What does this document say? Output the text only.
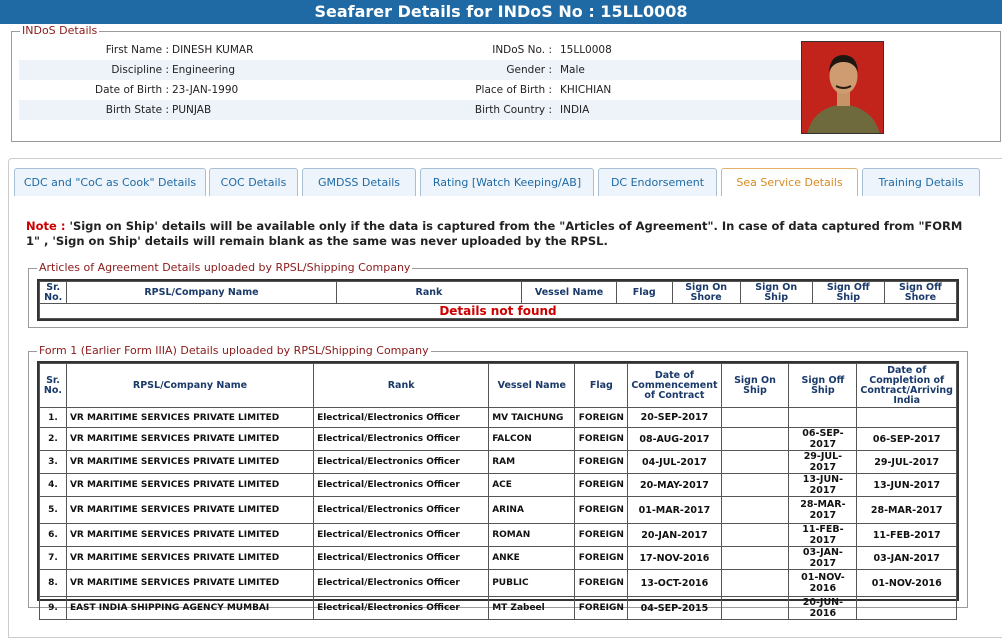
Seafarer Details for INDoS No : 15LL0008
INDoS Details
First Name : DINESH KUMAR	INDoS No. : 15LL0008
Discipline : Engineering	Gender : Male
Date of Birth : 23-JAN-1990	Place of Birth : KHICHIAN
Birth State : PUNJAB	Birth Country : INDIA
CDC and "CoC as Cook" Details	COC Details	GMDSS Details	Rating [Watch Keeping/AB]	DC Endorsement	Sea Service Details	Training Details
Note : 'Sign on Ship' details will be available only if the data is captured from the "Articles of Agreement". In case of data captured from "FORM 1" , 'Sign on Ship' details will remain blank as the same was never uploaded by the RPSL.
Articles of Agreement Details uploaded by RPSL/Shipping Company
Sr. No.	RPSL/Company Name	Rank	Vessel Name	Flag	Sign On Shore	Sign On Ship	Sign Off Ship	Sign Off Shore
Details not found
Form 1 (Earlier Form IIIA) Details uploaded by RPSL/Shipping Company
Sr. No.	RPSL/Company Name	Rank	Vessel Name	Flag	Date of Commencement of Contract	Sign On Ship	Sign Off Ship	Date of Completion of Contract/Arriving India
1.	VR MARITIME SERVICES PRIVATE LIMITED	Electrical/Electronics Officer	MV TAICHUNG	FOREIGN	20-SEP-2017			
2.	VR MARITIME SERVICES PRIVATE LIMITED	Electrical/Electronics Officer	FALCON	FOREIGN	08-AUG-2017		06-SEP-2017	06-SEP-2017
3.	VR MARITIME SERVICES PRIVATE LIMITED	Electrical/Electronics Officer	RAM	FOREIGN	04-JUL-2017		29-JUL-2017	29-JUL-2017
4.	VR MARITIME SERVICES PRIVATE LIMITED	Electrical/Electronics Officer	ACE	FOREIGN	20-MAY-2017		13-JUN-2017	13-JUN-2017
5.	VR MARITIME SERVICES PRIVATE LIMITED	Electrical/Electronics Officer	ARINA	FOREIGN	01-MAR-2017		28-MAR-2017	28-MAR-2017
6.	VR MARITIME SERVICES PRIVATE LIMITED	Electrical/Electronics Officer	ROMAN	FOREIGN	20-JAN-2017		11-FEB-2017	11-FEB-2017
7.	VR MARITIME SERVICES PRIVATE LIMITED	Electrical/Electronics Officer	ANKE	FOREIGN	17-NOV-2016		03-JAN-2017	03-JAN-2017
8.	VR MARITIME SERVICES PRIVATE LIMITED	Electrical/Electronics Officer	PUBLIC	FOREIGN	13-OCT-2016		01-NOV-2016	01-NOV-2016
9.	EAST INDIA SHIPPING AGENCY MUMBAI	Electrical/Electronics Officer	MT Zabeel	FOREIGN	04-SEP-2015		20-JUN-2016	
